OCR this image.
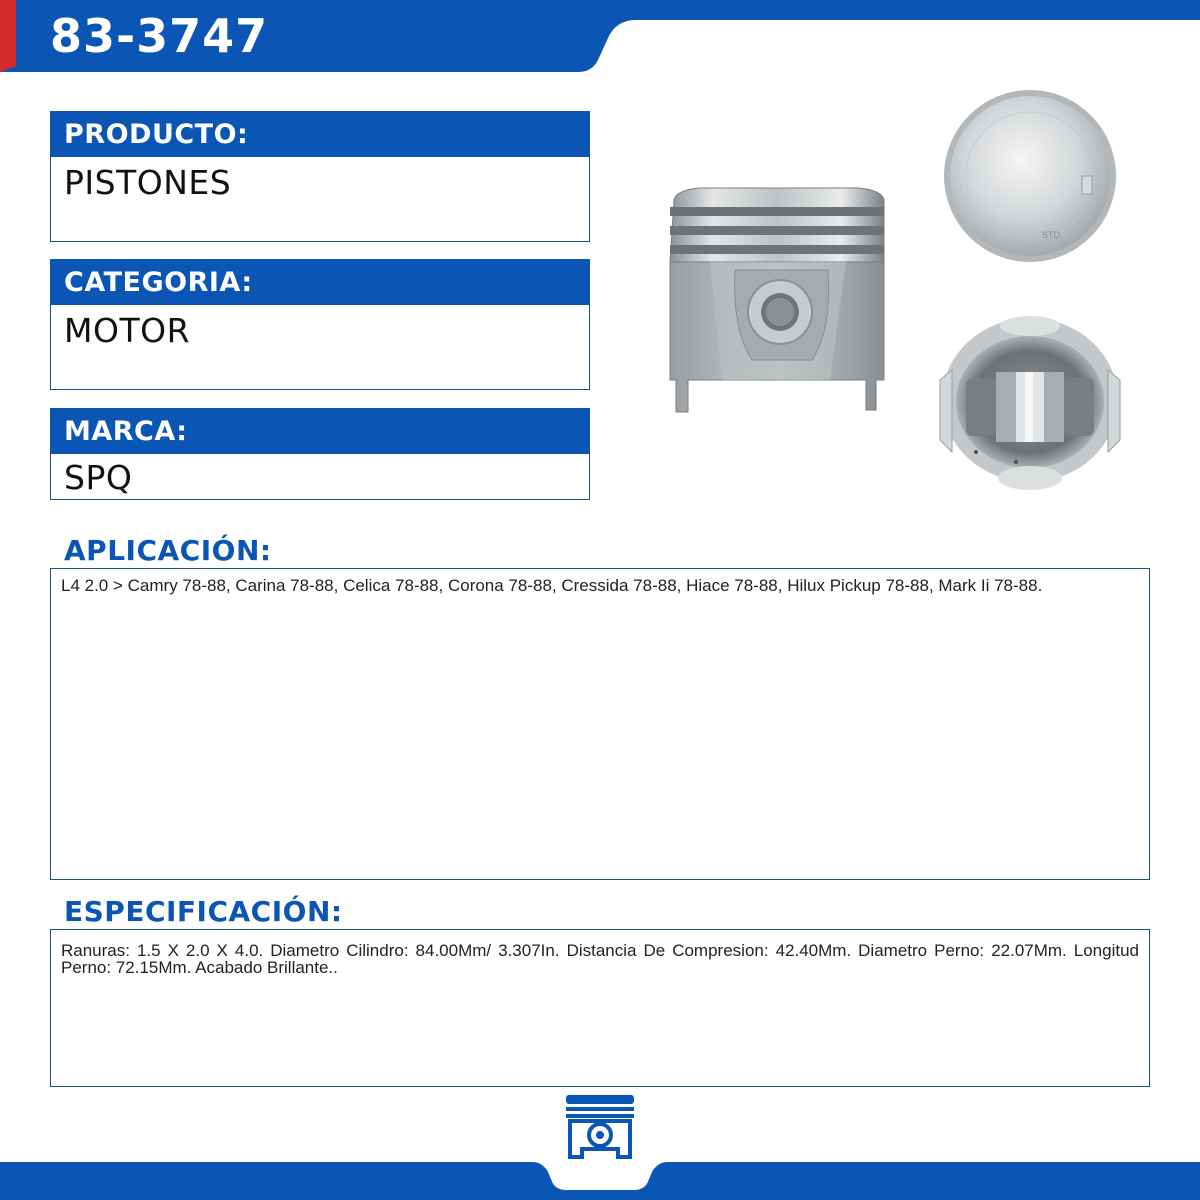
83-3747
PRODUCTO:
PISTONES
CATEGORIA:
MOTOR
MARCA:
SPQ
STD
APLICACIÓN:
L4 2.0 > Camry 78-88, Carina 78-88, Celica 78-88, Corona 78-88, Cressida 78-88, Hiace 78-88, Hilux Pickup 78-88, Mark Ii 78-88.
ESPECIFICACIÓN:
Ranuras: 1.5 X 2.0 X 4.0. Diametro Cilindro: 84.00Mm/ 3.307In. Distancia De Compresion: 42.40Mm. Diametro Perno: 22.07Mm. Longitud Perno: 72.15Mm. Acabado Brillante..
MOTOR
